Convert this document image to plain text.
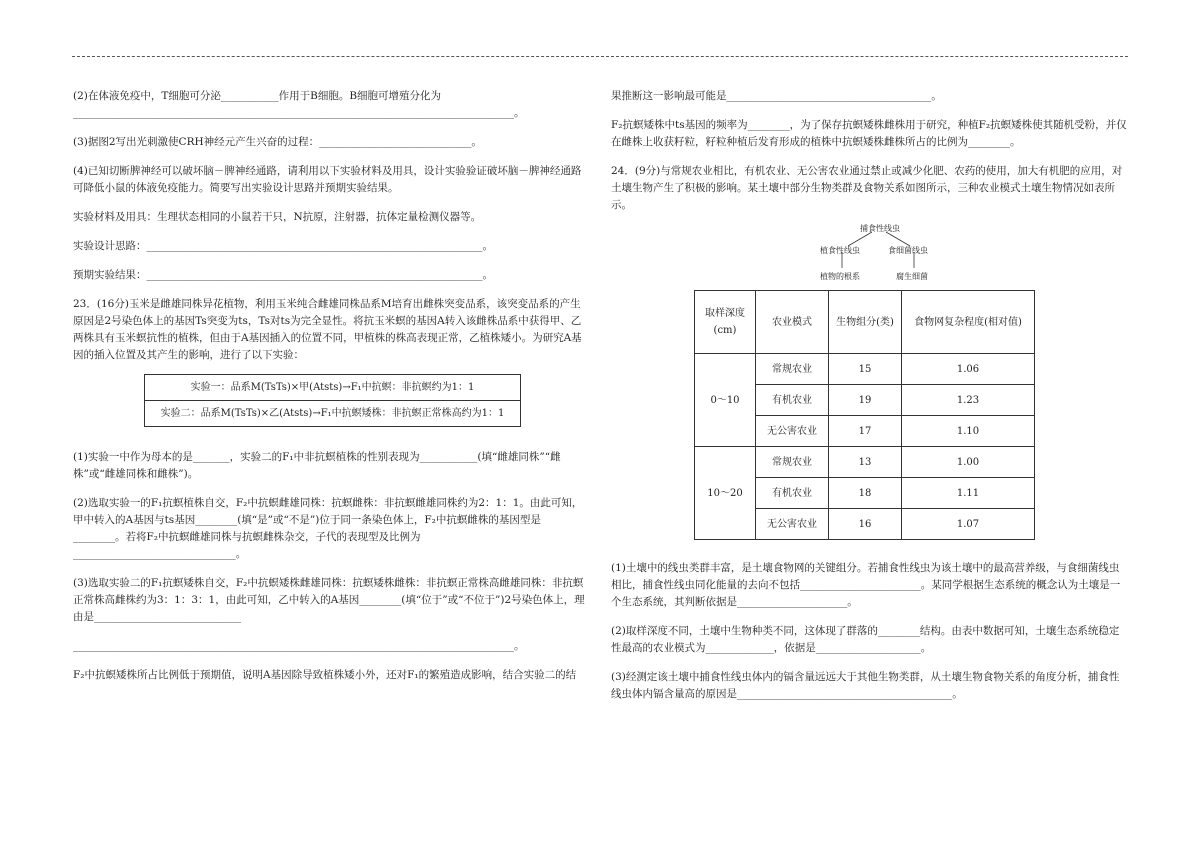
(2)在体液免疫中，T细胞可分泌___________作用于B细胞。B细胞可增殖分化为____________________________________________________________________________________。

(3)据图2写出光刺激使CRH神经元产生兴奋的过程：_____________________________。

(4)已知切断脾神经可以破坏脑－脾神经通路，请利用以下实验材料及用具，设计实验验证破坏脑－脾神经通路可降低小鼠的体液免疫能力。简要写出实验设计思路并预期实验结果。

实验材料及用具：生理状态相同的小鼠若干只，N抗原，注射器，抗体定量检测仪器等。

实验设计思路：________________________________________________________________。

预期实验结果：________________________________________________________________。

23．(16分)玉米是雌雄同株异花植物，利用玉米纯合雌雄同株品系M培育出雌株突变品系，该突变品系的产生原因是2号染色体上的基因Ts突变为ts，Ts对ts为完全显性。将抗玉米螟的基因A转入该雌株品系中获得甲、乙两株具有玉米螟抗性的植株，但由于A基因插入的位置不同，甲植株的株高表现正常，乙植株矮小。为研究A基因的插入位置及其产生的影响，进行了以下实验：

实验一：品系M(TsTs)×甲(Atsts)→F₁中抗螟：非抗螟约为1：1
实验二：品系M(TsTs)×乙(Atsts)→F₁中抗螟矮株：非抗螟正常株高约为1：1

(1)实验一中作为母本的是_______，实验二的F₁中非抗螟植株的性别表现为___________(填“雌雄同株”“雌株”或“雌雄同株和雌株”)。

(2)选取实验一的F₁抗螟植株自交，F₂中抗螟雌雄同株：抗螟雌株：非抗螟雌雄同株约为2：1：1。由此可知，甲中转入的A基因与ts基因________(填“是”或“不是”)位于同一条染色体上，F₂中抗螟雌株的基因型是________。若将F₂中抗螟雌雄同株与抗螟雌株杂交，子代的表现型及比例为_______________________________。

(3)选取实验二的F₁抗螟矮株自交，F₂中抗螟矮株雌雄同株：抗螟矮株雌株：非抗螟正常株高雌雄同株：非抗螟正常株高雌株约为3：1：3：1，由此可知，乙中转入的A基因________(填“位于”或“不位于”)2号染色体上，理由是____________________________

____________________________________________________________________________________。

F₂中抗螟矮株所占比例低于预期值，说明A基因除导致植株矮小外，还对F₁的繁殖造成影响，结合实验二的结

果推断这一影响最可能是_______________________________________。

F₂抗螟矮株中ts基因的频率为________，为了保存抗螟矮株雌株用于研究，种植F₂抗螟矮株使其随机受粉，并仅在雌株上收获籽粒，籽粒种植后发育形成的植株中抗螟矮株雌株所占的比例为________。

24．(9分)与常规农业相比，有机农业、无公害农业通过禁止或减少化肥、农药的使用，加大有机肥的应用，对土壤生物产生了积极的影响。某土壤中部分生物类群及食物关系如图所示，三种农业模式土壤生物情况如表所示。

捕食性线虫
植食性线虫	食细菌线虫
植物的根系	腐生细菌
取样深度
(cm)	农业模式	生物组分(类)	食物网复杂程度(相对值)
0～10	常规农业	15	1.06
	有机农业	19	1.23
	无公害农业	17	1.10
10～20	常规农业	13	1.00
	有机农业	18	1.11
	无公害农业	16	1.07

(1)土壤中的线虫类群丰富，是土壤食物网的关键组分。若捕食性线虫为该土壤中的最高营养级，与食细菌线虫相比，捕食性线虫同化能量的去向不包括_______________________。某同学根据生态系统的概念认为土壤是一个生态系统，其判断依据是_____________________。

(2)取样深度不同，土壤中生物种类不同，这体现了群落的________结构。由表中数据可知，土壤生态系统稳定性最高的农业模式为_____________，依据是____________________。

(3)经测定该土壤中捕食性线虫体内的镉含量远远大于其他生物类群，从土壤生物食物关系的角度分析，捕食性线虫体内镉含量高的原因是_________________________________________。
